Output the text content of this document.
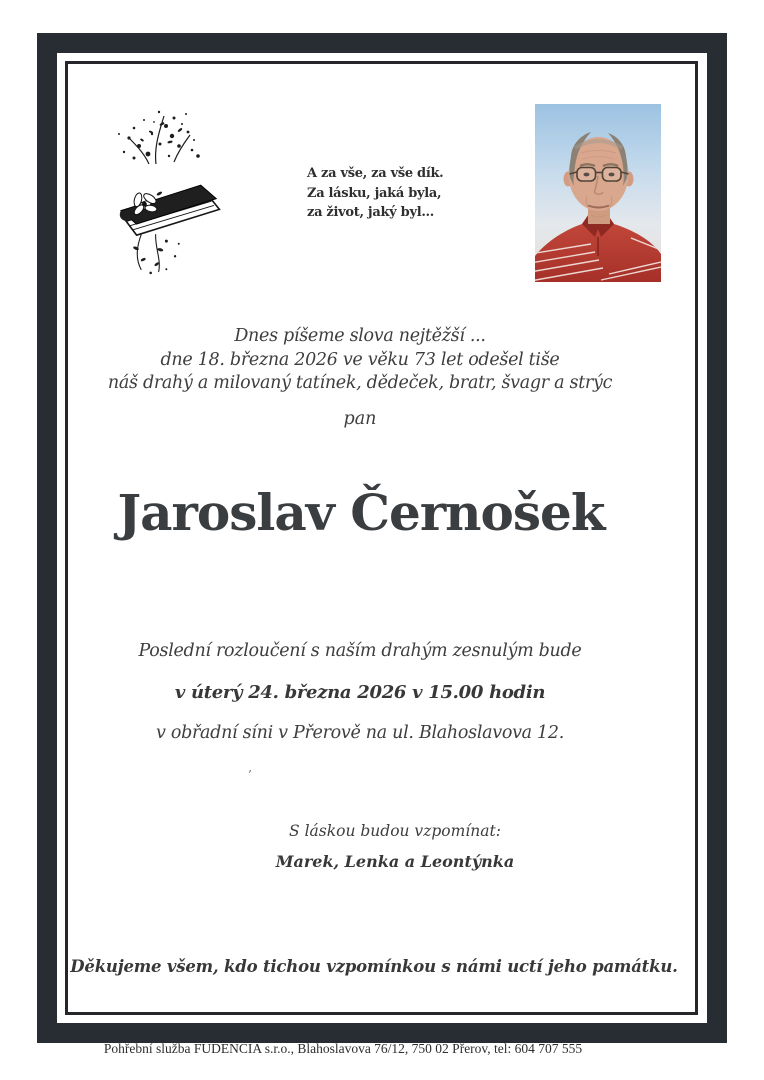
A za vše, za vše dík.
Za lásku, jaká byla,
za život, jaký byl...
Dnes píšeme slova nejtěžší ...
dne 18. března 2026 ve věku 73 let odešel tiše
náš drahý a milovaný tatínek, dědeček, bratr, švagr a strýc
pan
Jaroslav Černošek
Poslední rozloučení s naším drahým zesnulým bude
v úterý 24. března 2026 v 15.00 hodin
v obřadní síni v Přerově na ul. Blahoslavova 12.
’
S láskou budou vzpomínat:
Marek, Lenka a Leontýnka
Děkujeme všem, kdo tichou vzpomínkou s námi uctí jeho památku.
Pohřební služba FUDENCIA s.r.o., Blahoslavova 76/12, 750 02 Přerov, tel: 604 707 555
